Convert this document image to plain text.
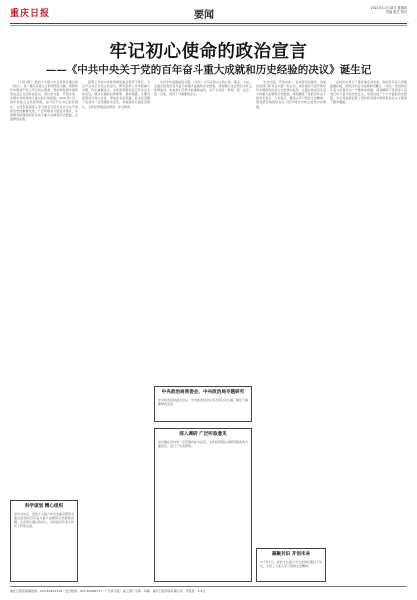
重庆日报	要闻
2021年11月18日 星期四
责编 版式 校对
牢记初心使命的政治宣言
——《中共中央关于党的百年奋斗重大成就和历史经验的决议》诞生记

（上接1版） 党的十九届六中全会审议通过的《决议》，是一篇马克思主义的纲领性文献，是新时代中国共产党人牢记初心使命、坚持和发展中国特色社会主义的政治宣言，是以史为鉴、开创未来，实现中华民族伟大复兴的行动指南。2021年1月，党中央成立文件起草组，由习近平总书记担任组长。文件起草组深入学习领会习近平总书记关于党的历史的重要论述，广泛听取各方面意见建议，认真研究梳理党的百年奋斗重大成就和历史经验，反复修改完善。

起草工作在中央政治局常委会领导下进行。习近平总书记多次主持会议，研究起草工作中的重大问题，作出重要指示。文件起草组先后召开多次全体会议，就决议稿的总体框架、基本思路、主要内容等进行深入讨论，形成征求意见稿。征求意见稿下发党内一定范围征求意见，共收到各方面意见建议，文件起草组逐条研究，作出修改。

从历史中汲取前进力量。《决议》以马克思主义的立场、观点、方法，全面总结党的百年奋斗的重大成就和历史经验，深刻揭示过去我们为什么能够成功、未来我们怎样才能继续成功，对于全党统一思想、统一意志、统一行动，具有十分重要的意义。

“以史为鉴、开创未来”。征求意见过程中，各地区各部门和有关方面一致认为，决议稿以习近平新时代中国特色社会主义思想为指导，全面总结党百年奋斗的重大成就和历史经验，深刻阐述了党的百年奋斗的历史意义。大家表示，要深入学习领会全会精神，更加紧密地团结在以习近平同志为核心的党中央周围。

总结历史是为了更好地走向未来。党的百年奋斗历程波澜壮阔，党的百年奋斗成就举世瞩目。《决议》把党的百年奋斗历程作为一个整体来把握，深刻阐明了党领导人民进行伟大奋斗的历史意义，系统总结了十个方面的历史经验，为全党在新征程上坚持和发展中国特色社会主义提供了根本遵循。

科学谋划 精心组织
党中央决定，党的十九届六中全会重点研究全面总结党的百年奋斗重大成就和历史经验问题。全会审议通过的决议，对党的百年奋斗作出了科学总结。
中央政治局常委会、中央政治局专题研究
中央政治局常委会会议、中央政治局会议多次审议决议稿，提出了重要修改意见。
深入调研 广泛听取意见
决议稿在党内外一定范围内征求意见，文件起草组认真研究吸收各方面意见，进行了多次修改。
凝聚共识 开创未来
11月11日，党的十九届六中全会审议通过了决议，全党上下深入学习贯彻全会精神。
重庆日报社新闻热线：023-63812319 · 发行热线：023-63906777 · 广告许可证：渝工商广字第 · 印刷：重庆日报印务有限公司 · 零售价：1.5元
